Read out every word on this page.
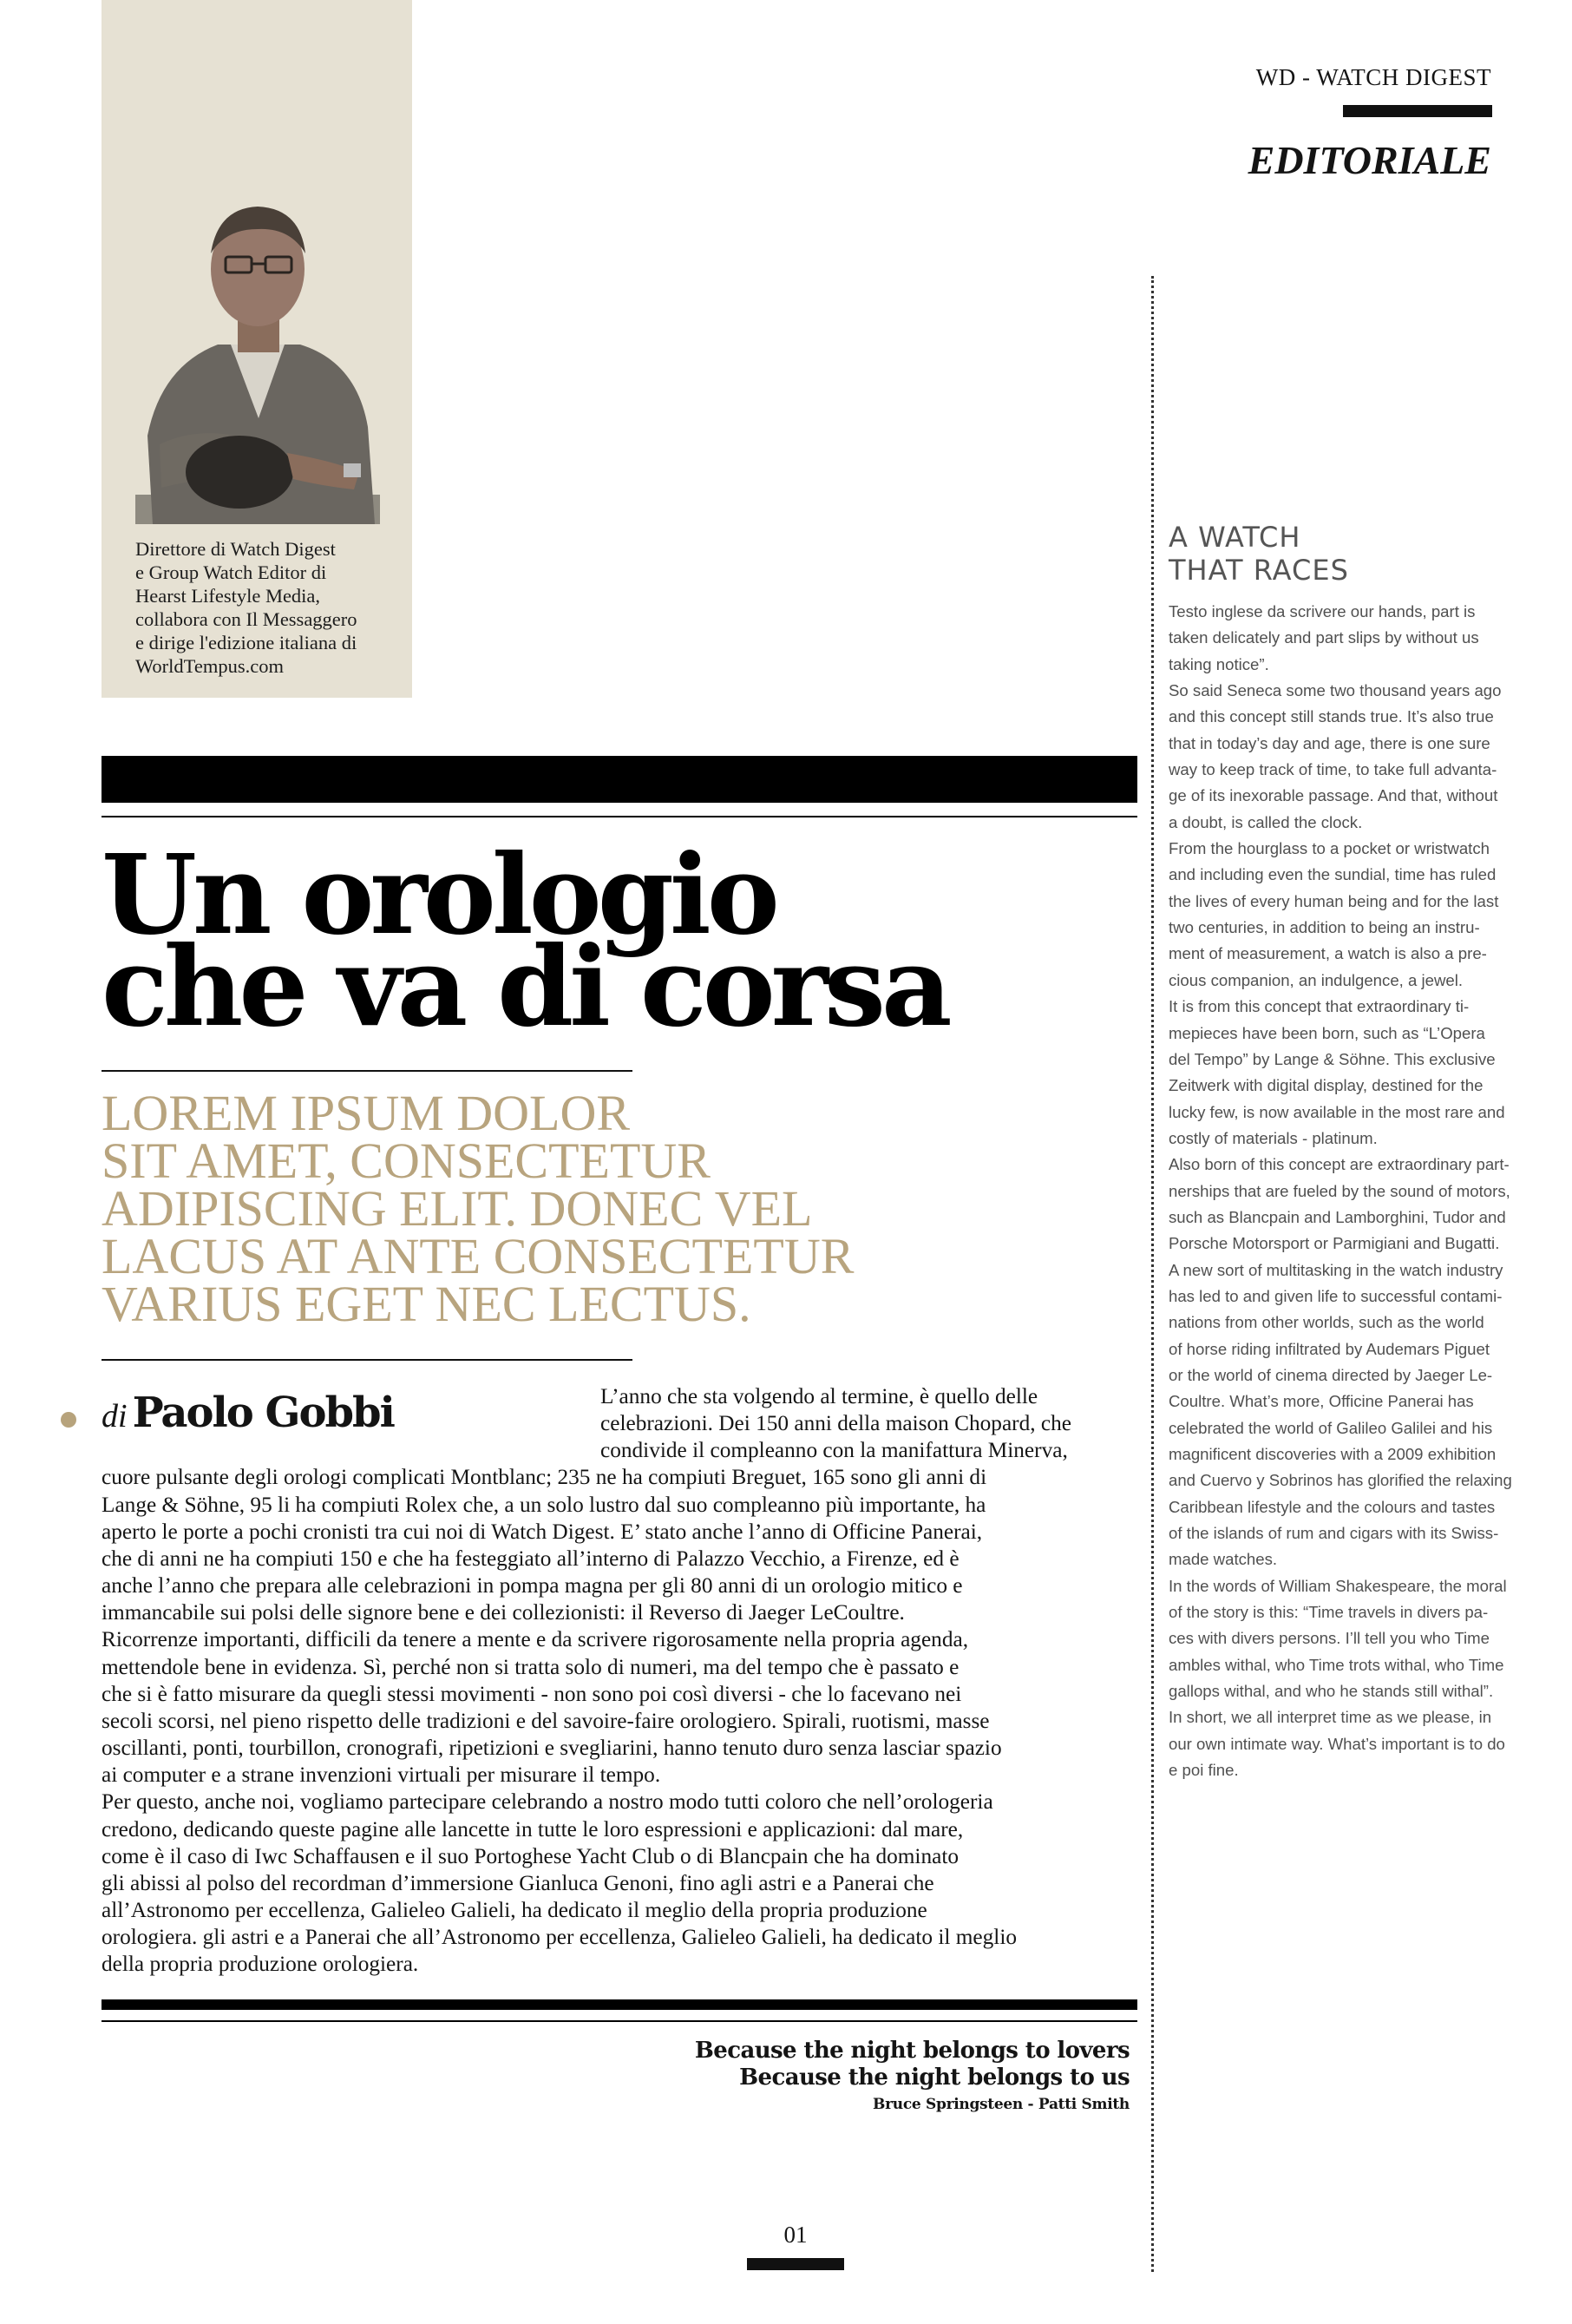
Direttore di Watch Digest
e Group Watch Editor di
Hearst Lifestyle Media,
collabora con Il Messaggero
e dirige l'edizione italiana di
WorldTempus.com
WD - WATCH DIGEST
EDITORIALE
A WATCH
THAT RACES
Testo inglese da scrivere our hands, part is
taken delicately and part slips by without us
taking notice”.
So said Seneca some two thousand years ago
and this concept still stands true. It’s also true
that in today’s day and age, there is one sure
way to keep track of time, to take full advanta-
ge of its inexorable passage. And that, without
a doubt, is called the clock.
From the hourglass to a pocket or wristwatch
and including even the sundial, time has ruled
the lives of every human being and for the last
two centuries, in addition to being an instru-
ment of measurement, a watch is also a pre-
cious companion, an indulgence, a jewel.
It is from this concept that extraordinary ti-
mepieces have been born, such as “L’Opera
del Tempo” by Lange & Söhne. This exclusive
Zeitwerk with digital display, destined for the
lucky few, is now available in the most rare and
costly of materials - platinum.
Also born of this concept are extraordinary part-
nerships that are fueled by the sound of motors,
such as Blancpain and Lamborghini, Tudor and
Porsche Motorsport or Parmigiani and Bugatti.
A new sort of multitasking in the watch industry
has led to and given life to successful contami-
nations from other worlds, such as the world
of horse riding infiltrated by Audemars Piguet
or the world of cinema directed by Jaeger Le-
Coultre. What’s more, Officine Panerai has
celebrated the world of Galileo Galilei and his
magnificent discoveries with a 2009 exhibition
and Cuervo y Sobrinos has glorified the relaxing
Caribbean lifestyle and the colours and tastes
of the islands of rum and cigars with its Swiss-
made watches.
In the words of William Shakespeare, the moral
of the story is this: “Time travels in divers pa-
ces with divers persons. I’ll tell you who Time
ambles withal, who Time trots withal, who Time
gallops withal, and who he stands still withal”.
In short, we all interpret time as we please, in
our own intimate way. What’s important is to do
e poi fine.
Un orologio
che va di corsa
LOREM IPSUM DOLOR
SIT AMET, CONSECTETUR
ADIPISCING ELIT. DONEC VEL
LACUS AT ANTE CONSECTETUR
VARIUS EGET NEC LECTUS.
di Paolo Gobbi	L’anno che sta volgendo al termine, è quello delle
celebrazioni. Dei 150 anni della maison Chopard, che
condivide il compleanno con la manifattura Minerva,
cuore pulsante degli orologi complicati Montblanc; 235 ne ha compiuti Breguet, 165 sono gli anni di
Lange & Söhne, 95 li ha compiuti Rolex che, a un solo lustro dal suo compleanno più importante, ha
aperto le porte a pochi cronisti tra cui noi di Watch Digest. E’ stato anche l’anno di Officine Panerai,
che di anni ne ha compiuti 150 e che ha festeggiato all’interno di Palazzo Vecchio, a Firenze, ed è
anche l’anno che prepara alle celebrazioni in pompa magna per gli 80 anni di un orologio mitico e
immancabile sui polsi delle signore bene e dei collezionisti: il Reverso di Jaeger LeCoultre.
Ricorrenze importanti, difficili da tenere a mente e da scrivere rigorosamente nella propria agenda,
mettendole bene in evidenza. Sì, perché non si tratta solo di numeri, ma del tempo che è passato e
che si è fatto misurare da quegli stessi movimenti - non sono poi così diversi - che lo facevano nei
secoli scorsi, nel pieno rispetto delle tradizioni e del savoire-faire orologiero. Spirali, ruotismi, masse
oscillanti, ponti, tourbillon, cronografi, ripetizioni e svegliarini, hanno tenuto duro senza lasciar spazio
ai computer e a strane invenzioni virtuali per misurare il tempo.
Per questo, anche noi, vogliamo partecipare celebrando a nostro modo tutti coloro che nell’orologeria
credono, dedicando queste pagine alle lancette in tutte le loro espressioni e applicazioni: dal mare,
come è il caso di Iwc Schaffausen e il suo Portoghese Yacht Club o di Blancpain che ha dominato
gli abissi al polso del recordman d’immersione Gianluca Genoni, fino agli astri e a Panerai che
all’Astronomo per eccellenza, Galieleo Galieli, ha dedicato il meglio della propria produzione
orologiera. gli astri e a Panerai che all’Astronomo per eccellenza, Galieleo Galieli, ha dedicato il meglio
della propria produzione orologiera.
Because the night belongs to lovers
Because the night belongs to us
Bruce Springsteen - Patti Smith
01
